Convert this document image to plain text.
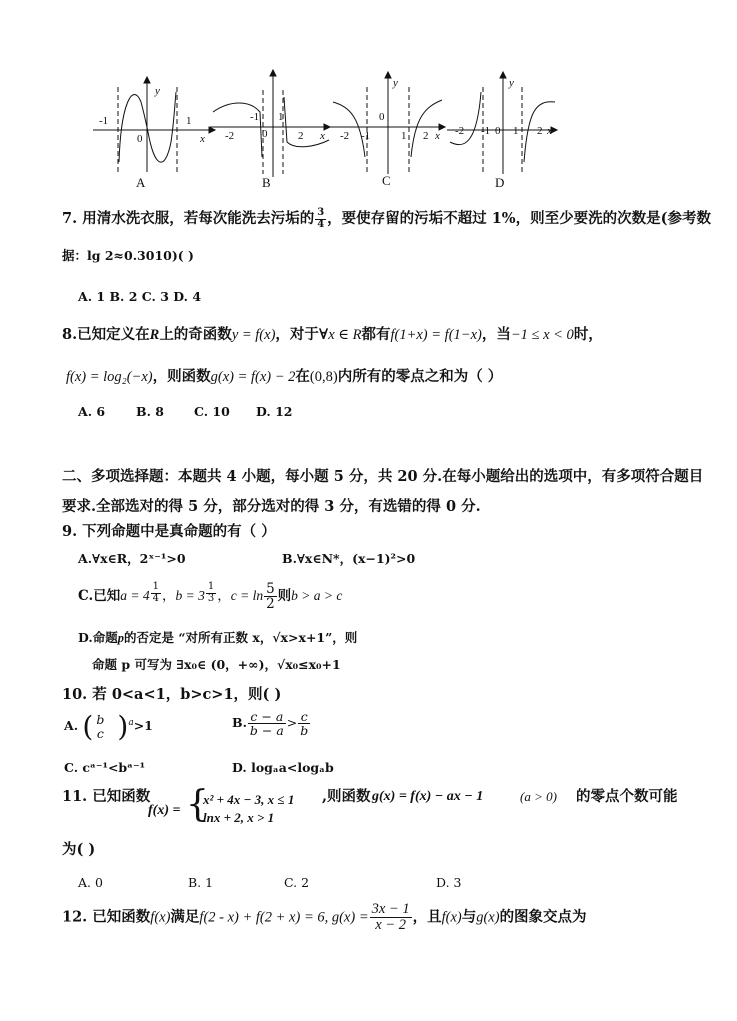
-1
0
1
x
y
-2
-1
0
1
2 x -2 -1
0
1 2 x
y
-2 -1 0 1 2 x
y
A	B	C	D
7. 用清水洗衣服，若每次能洗去污垢的 $\frac{3}{4}$ ，要使存留的污垢不超过 1%，则至少要洗的次数是(参考数
据：lg 2≈0.3010)( )
A. 1 B. 2 C. 3 D. 4
8.已知定义在R上的奇函数y = f(x)，对于∀x ∈ R都有f(1+x) = f(1−x)，当−1 ≤ x < 0时，
f(x) = log₂(−x)，则函数g(x) = f(x) − 2在(0,8)内所有的零点之和为（ ）
A. 6 B. 8 C. 10 D. 12
二、多项选择题：本题共 4 小题，每小题 5 分，共 20 分.在每小题给出的选项中，有多项符合题目
要求.全部选对的得 5 分，部分选对的得 3 分，有选错的得 0 分.
9. 下列命题中是真命题的有（ ）
A.∀x∈R，2ˣ⁻¹>0	B.∀x∈N*，(x−1)²>0
C.已知a = 4 $^{\frac{1}{4}}$ ，b = 3 $^{\frac{1}{3}}$ ，$c = \ln \frac{5}{2}$ 则b > a > c
D.命题p的否定是 “对所有正数 x，√x>x+1”，则
命题 p 可写为 ∃x₀∈ (0，+∞)，√x₀≤x₀+1
10. 若 0<a<1，b>c>1，则( )
A. ( b
c )$^a$>1	B. $\frac{c - a}{b - a} > \frac{c}{b}$
C. cᵃ⁻¹<bᵃ⁻¹	D. logₐa<logₐb
11. 已知函数
f(x) = {
x² + 4x − 3, x ≤ 1
lnx + 2, x > 1
,则函数 g(x) = f(x) − ax − 1	(a > 0) 的零点个数可能
为( )
A. 0	B. 1	C. 2	D. 3
12. 已知函数f(x)满足f(2 - x) + f(2 + x) = 6, $g(x) = \frac{3x - 1}{x - 2}$ ，且f(x)与g(x)的图象交点为
